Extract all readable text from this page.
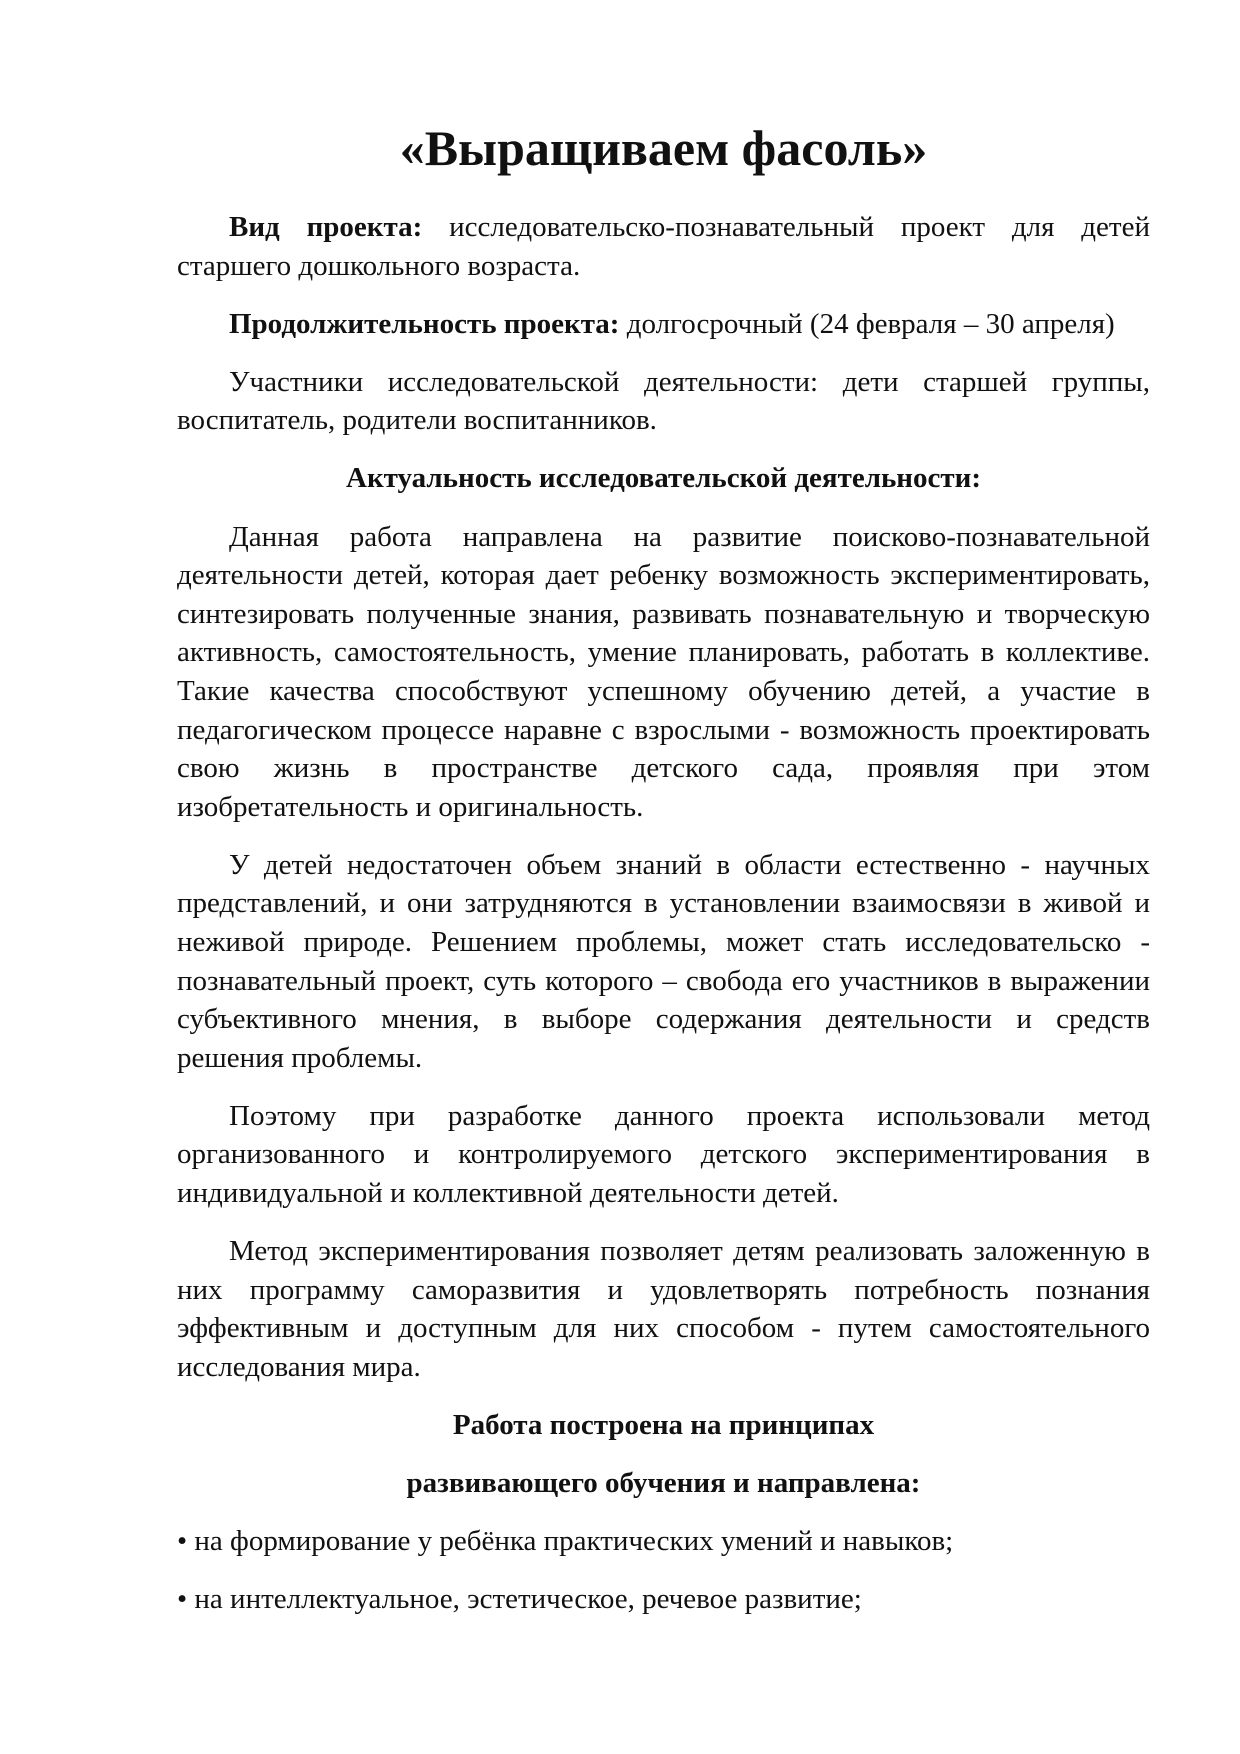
«Выращиваем фасоль»
Вид проекта: исследовательско-познавательный проект для детей
старшего дошкольного возраста.
Продолжительность проекта: долгосрочный (24 февраля – 30 апреля)
Участники исследовательской деятельности: дети старшей группы,
воспитатель, родители воспитанников.
Актуальность исследовательской деятельности:
Данная работа направлена на развитие поисково-познавательной
деятельности детей, которая дает ребенку возможность экспериментировать,
синтезировать полученные знания, развивать познавательную и творческую
активность, самостоятельность, умение планировать, работать в коллективе.
Такие качества способствуют успешному обучению детей, а участие в
педагогическом процессе наравне с взрослыми - возможность проектировать
свою жизнь в пространстве детского сада, проявляя при этом
изобретательность и оригинальность.
У детей недостаточен объем знаний в области естественно - научных
представлений, и они затрудняются в установлении взаимосвязи в живой и
неживой природе. Решением проблемы, может стать исследовательско -
познавательный проект, суть которого – свобода его участников в выражении
субъективного мнения, в выборе содержания деятельности и средств
решения проблемы.
Поэтому при разработке данного проекта использовали метод
организованного и контролируемого детского экспериментирования в
индивидуальной и коллективной деятельности детей.
Метод экспериментирования позволяет детям реализовать заложенную в
них программу саморазвития и удовлетворять потребность познания
эффективным и доступным для них способом - путем самостоятельного
исследования мира.
Работа построена на принципах
развивающего обучения и направлена:
• на формирование у ребёнка практических умений и навыков;
• на интеллектуальное, эстетическое, речевое развитие;
